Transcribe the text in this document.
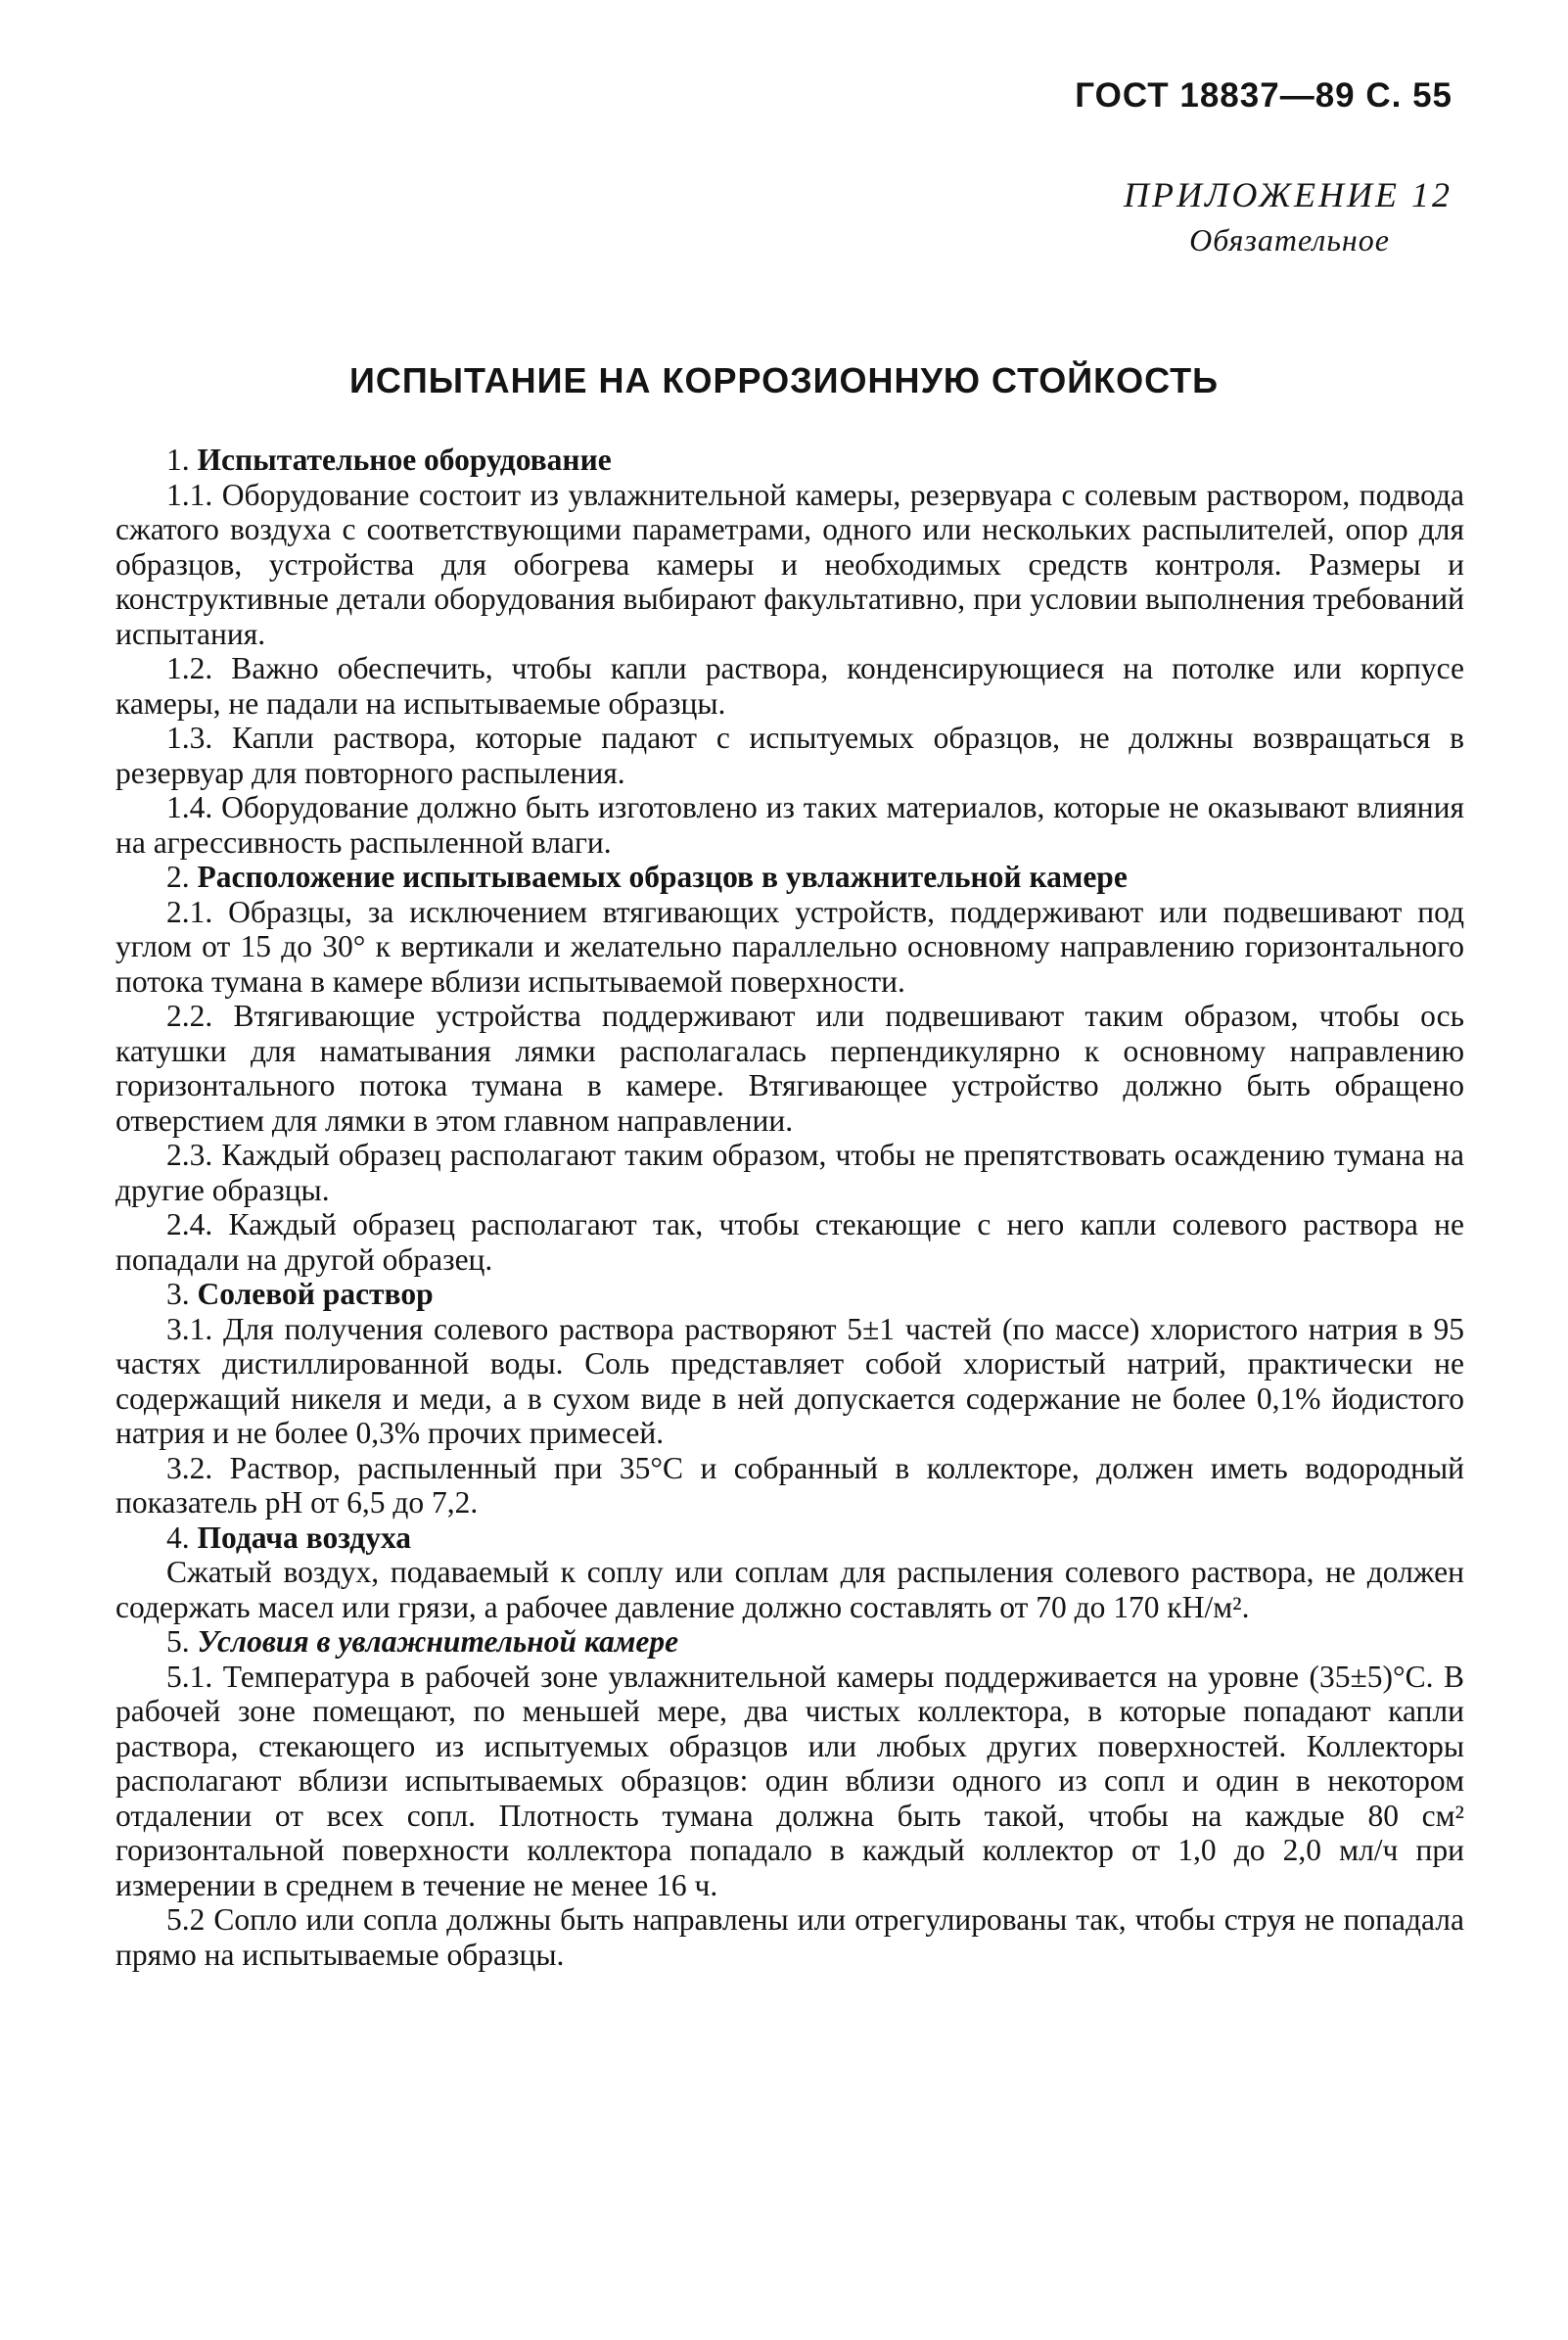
ГОСТ 18837—89 С. 55
ПРИЛОЖЕНИЕ 12
Обязательное
ИСПЫТАНИЕ НА КОРРОЗИОННУЮ СТОЙКОСТЬ

1. Испытательное оборудование

1.1. Оборудование состоит из увлажнительной камеры, резервуара с солевым раствором, подвода сжатого воздуха с соответствующими параметрами, одного или нескольких распылителей, опор для образцов, устройства для обогрева камеры и необходимых средств контроля. Размеры и конструктивные детали оборудования выбирают факультативно, при условии выполнения требований испытания.

1.2. Важно обеспечить, чтобы капли раствора, конденсирующиеся на потолке или корпусе камеры, не падали на испытываемые образцы.

1.3. Капли раствора, которые падают с испытуемых образцов, не должны возвращаться в резервуар для повторного распыления.

1.4. Оборудование должно быть изготовлено из таких материалов, которые не оказывают влияния на агрессивность распыленной влаги.

2. Расположение испытываемых образцов в увлажнительной камере

2.1. Образцы, за исключением втягивающих устройств, поддерживают или подвешивают под углом от 15 до 30° к вертикали и желательно параллельно основному направлению горизонтального потока тумана в камере вблизи испытываемой поверхности.

2.2. Втягивающие устройства поддерживают или подвешивают таким образом, чтобы ось катушки для наматывания лямки располагалась перпендикулярно к основному направлению горизонтального потока тумана в камере. Втягивающее устройство должно быть обращено отверстием для лямки в этом главном направлении.

2.3. Каждый образец располагают таким образом, чтобы не препятствовать осаждению тумана на другие образцы.

2.4. Каждый образец располагают так, чтобы стекающие с него капли солевого раствора не попадали на другой образец.

3. Солевой раствор

3.1. Для получения солевого раствора растворяют 5±1 частей (по массе) хлористого натрия в 95 частях дистиллированной воды. Соль представляет собой хлористый натрий, практически не содержащий никеля и меди, а в сухом виде в ней допускается содержание не более 0,1% йодистого натрия и не более 0,3% прочих примесей.

3.2. Раствор, распыленный при 35°С и собранный в коллекторе, должен иметь водородный показатель pH от 6,5 до 7,2.

4. Подача воздуха

Сжатый воздух, подаваемый к соплу или соплам для распыления солевого раствора, не должен содержать масел или грязи, а рабочее давление должно составлять от 70 до 170 кН/м².

5. Условия в увлажнительной камере

5.1. Температура в рабочей зоне увлажнительной камеры поддерживается на уровне (35±5)°С. В рабочей зоне помещают, по меньшей мере, два чистых коллектора, в которые попадают капли раствора, стекающего из испытуемых образцов или любых других поверхностей. Коллекторы располагают вблизи испытываемых образцов: один вблизи одного из сопл и один в некотором отдалении от всех сопл. Плотность тумана должна быть такой, чтобы на каждые 80 см² горизонтальной поверхности коллектора попадало в каждый коллектор от 1,0 до 2,0 мл/ч при измерении в среднем в течение не менее 16 ч.

5.2 Сопло или сопла должны быть направлены или отрегулированы так, чтобы струя не попадала прямо на испытываемые образцы.
